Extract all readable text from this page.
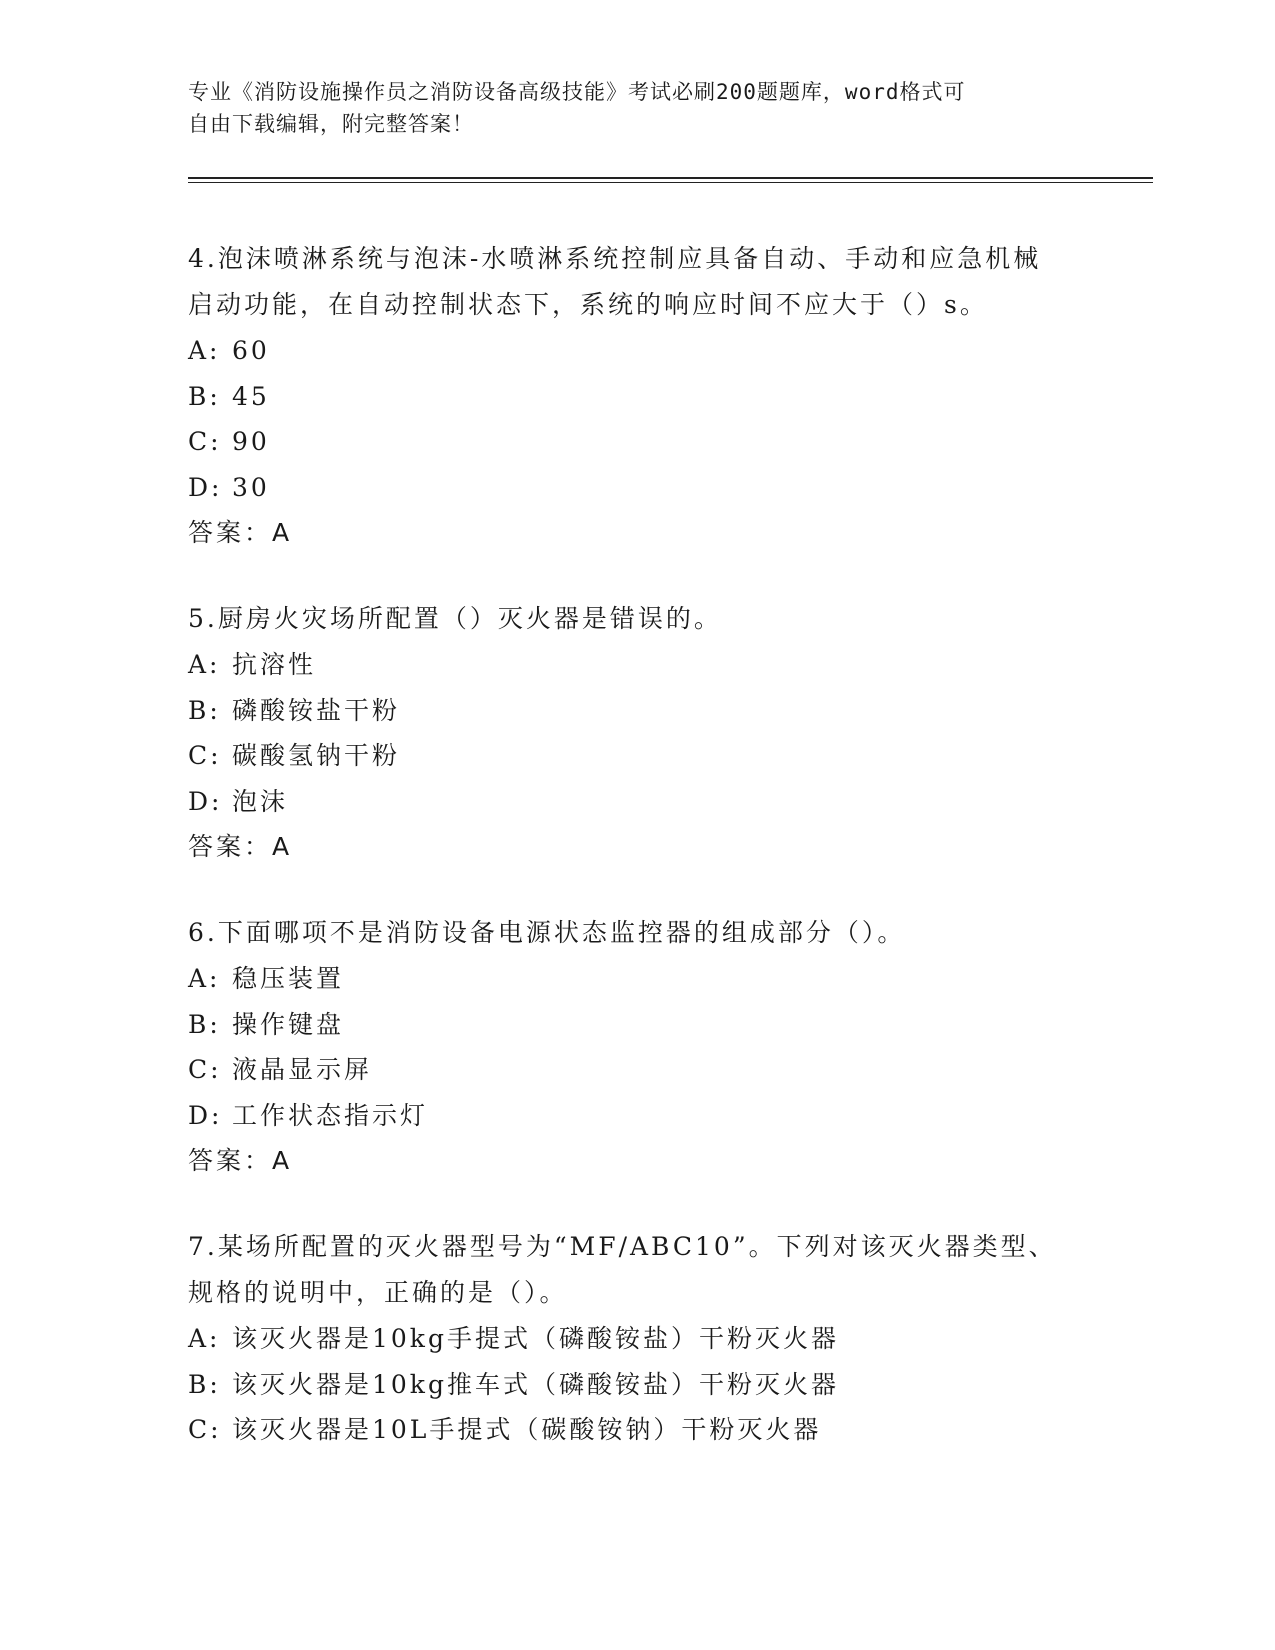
专业《消防设施操作员之消防设备高级技能》考试必刷200题题库，word格式可
自由下载编辑，附完整答案！

4.泡沫喷淋系统与泡沫-水喷淋系统控制应具备自动、手动和应急机械

启动功能，在自动控制状态下，系统的响应时间不应大于（）s。

A: 60

B: 45

C: 90

D: 30

答案：A

5.厨房火灾场所配置（）灭火器是错误的。

A: 抗溶性

B: 磷酸铵盐干粉

C: 碳酸氢钠干粉

D: 泡沫

答案：A

6.下面哪项不是消防设备电源状态监控器的组成部分（）。

A: 稳压装置

B: 操作键盘

C: 液晶显示屏

D: 工作状态指示灯

答案：A

7.某场所配置的灭火器型号为“MF/ABC10”。下列对该灭火器类型、

规格的说明中，正确的是（）。

A: 该灭火器是10kg手提式（磷酸铵盐）干粉灭火器

B: 该灭火器是10kg推车式（磷酸铵盐）干粉灭火器

C: 该灭火器是10L手提式（碳酸铵钠）干粉灭火器
